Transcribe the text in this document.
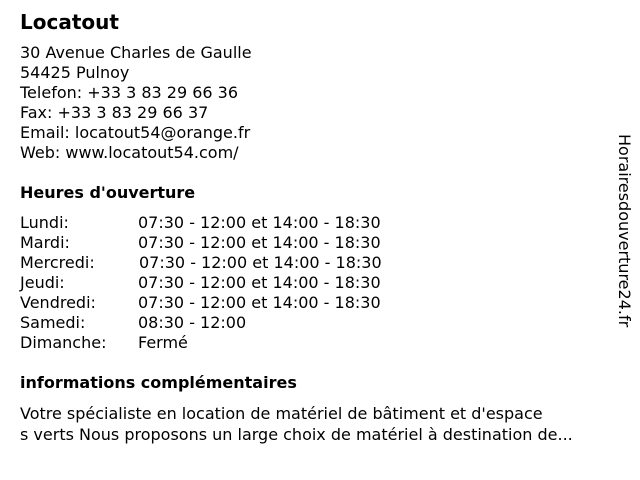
Locatout
30 Avenue Charles de Gaulle
54425 Pulnoy
Telefon: +33 3 83 29 66 36
Fax: +33 3 83 29 66 37
Email: locatout54@orange.fr
Web: www.locatout54.com/
Heures d'ouverture
Lundi:	07:30 - 12:00 et 14:00 - 18:30
Mardi:	07:30 - 12:00 et 14:00 - 18:30
Mercredi:	07:30 - 12:00 et 14:00 - 18:30
Jeudi:	07:30 - 12:00 et 14:00 - 18:30
Vendredi:	07:30 - 12:00 et 14:00 - 18:30
Samedi:	08:30 - 12:00
Dimanche: Fermé
informations complémentaires
Votre spécialiste en location de matériel de bâtiment et d'espace
s verts Nous proposons un large choix de matériel à destination de...
Horairesdouverture24.fr
